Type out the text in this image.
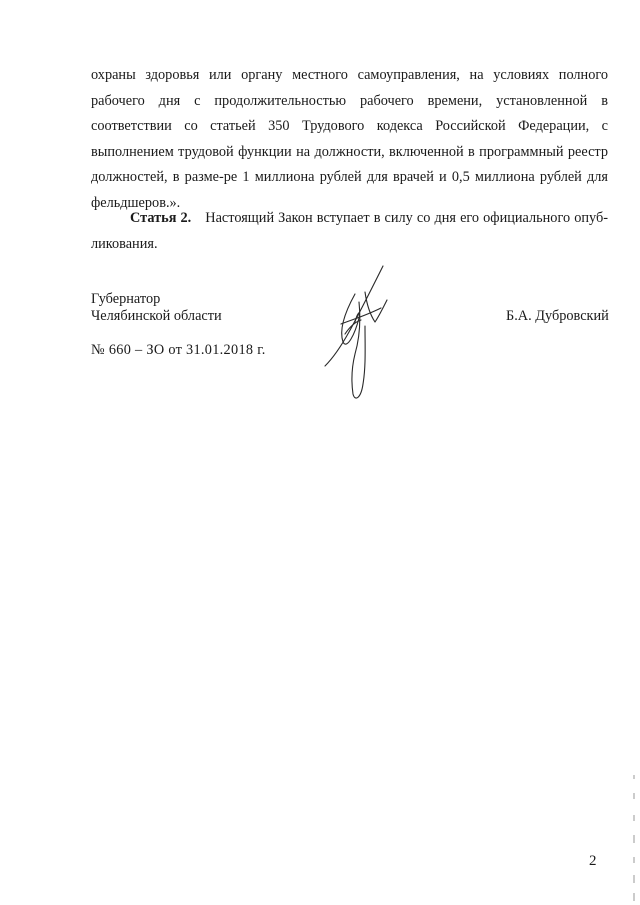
охраны здоровья или органу местного самоуправления, на условиях полного рабочего дня с продолжительностью рабочего времени, установленной в соответствии со статьей 350 Трудового кодекса Российской Федерации, с выполнением трудовой функции на должности, включенной в программный реестр должностей, в разме-ре 1 миллиона рублей для врачей и 0,5 миллиона рублей для фельдшеров.».

Статья 2. Настоящий Закон вступает в силу со дня его официального опуб-ликования.

Губернатор
Челябинской области	Б.А. Дубровский
№ 660 – ЗО от 31.01.2018 г.
2
